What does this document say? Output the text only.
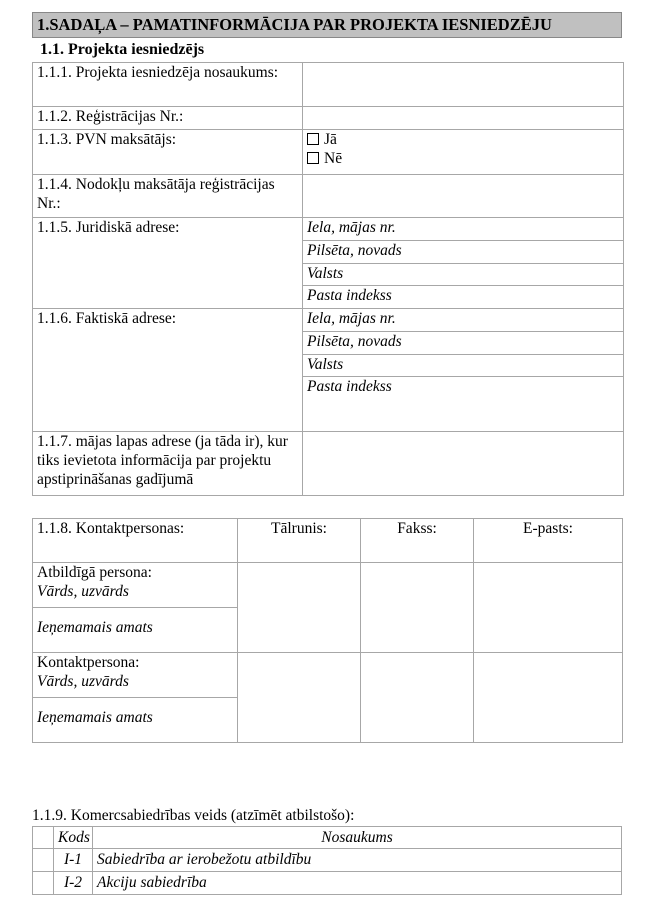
1.SADAĻA – PAMATINFORMĀCIJA PAR PROJEKTA IESNIEDZĒJU
1.1. Projekta iesniedzējs
1.1.1. Projekta iesniedzēja nosaukums:	
1.1.2. Reģistrācijas Nr.:	
1.1.3. PVN maksātājs:	Jā
Nē

1.1.4. Nodokļu maksātāja reģistrācijas Nr.:	
1.1.5. Juridiskā adrese:	Iela, mājas nr.
	Pilsēta, novads
	Valsts
	Pasta indekss
1.1.6. Faktiskā adrese:	Iela, mājas nr.
	Pilsēta, novads
	Valsts
	Pasta indekss
1.1.7. mājas lapas adrese (ja tāda ir), kur tiks ievietota informācija par projektu apstiprināšanas gadījumā	
1.1.8. Kontaktpersonas:	Tālrunis:	Fakss:	E-pasts:

Atbildīgā persona:
Vārds, uzvārds			

Ieņemamais amats			

Kontaktpersona:
Vārds, uzvārds			

Ieņemamais amats			
1.1.9. Komercsabiedrības veids (atzīmēt atbilstošo):
	Kods	Nosaukums
	I-1	Sabiedrība ar ierobežotu atbildību
	I-2	Akciju sabiedrība
